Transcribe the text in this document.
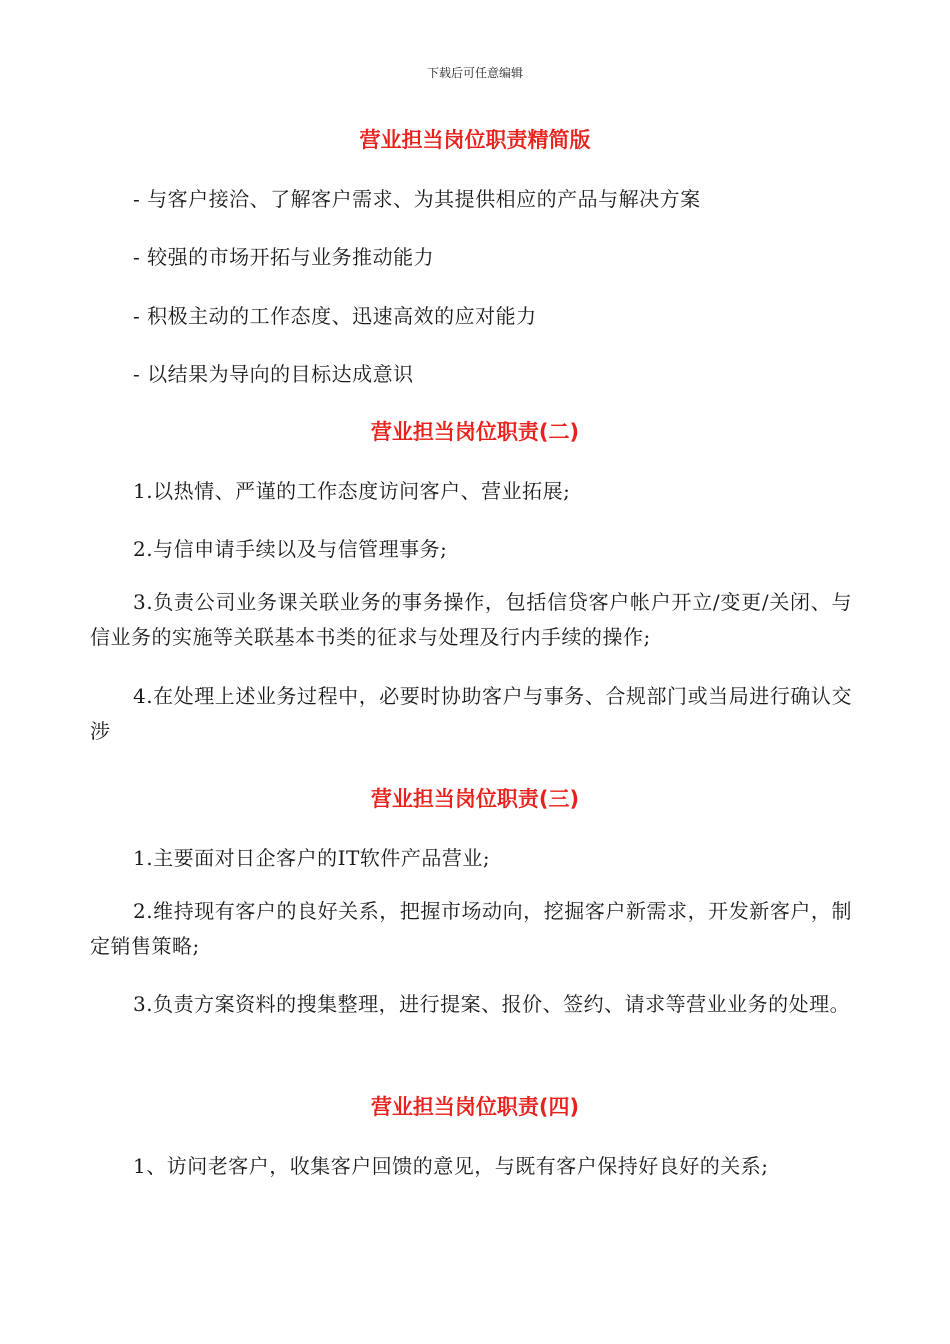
下载后可任意编辑
营业担当岗位职责精简版
- 与客户接洽、了解客户需求、为其提供相应的产品与解决方案
- 较强的市场开拓与业务推动能力
- 积极主动的工作态度、迅速高效的应对能力
- 以结果为导向的目标达成意识
营业担当岗位职责(二)
1.以热情、严谨的工作态度访问客户、营业拓展;
2.与信申请手续以及与信管理事务;
3.负责公司业务课关联业务的事务操作，包括信贷客户帐户开立/变更/关闭、与信业务的实施等关联基本书类的征求与处理及行内手续的操作;
4.在处理上述业务过程中，必要时协助客户与事务、合规部门或当局进行确认交涉
营业担当岗位职责(三)
1.主要面对日企客户的IT软件产品营业;
2.维持现有客户的良好关系，把握市场动向，挖掘客户新需求，开发新客户，制定销售策略;
3.负责方案资料的搜集整理，进行提案、报价、签约、请求等营业业务的处理。
营业担当岗位职责(四)
1、访问老客户，收集客户回馈的意见，与既有客户保持好良好的关系;
